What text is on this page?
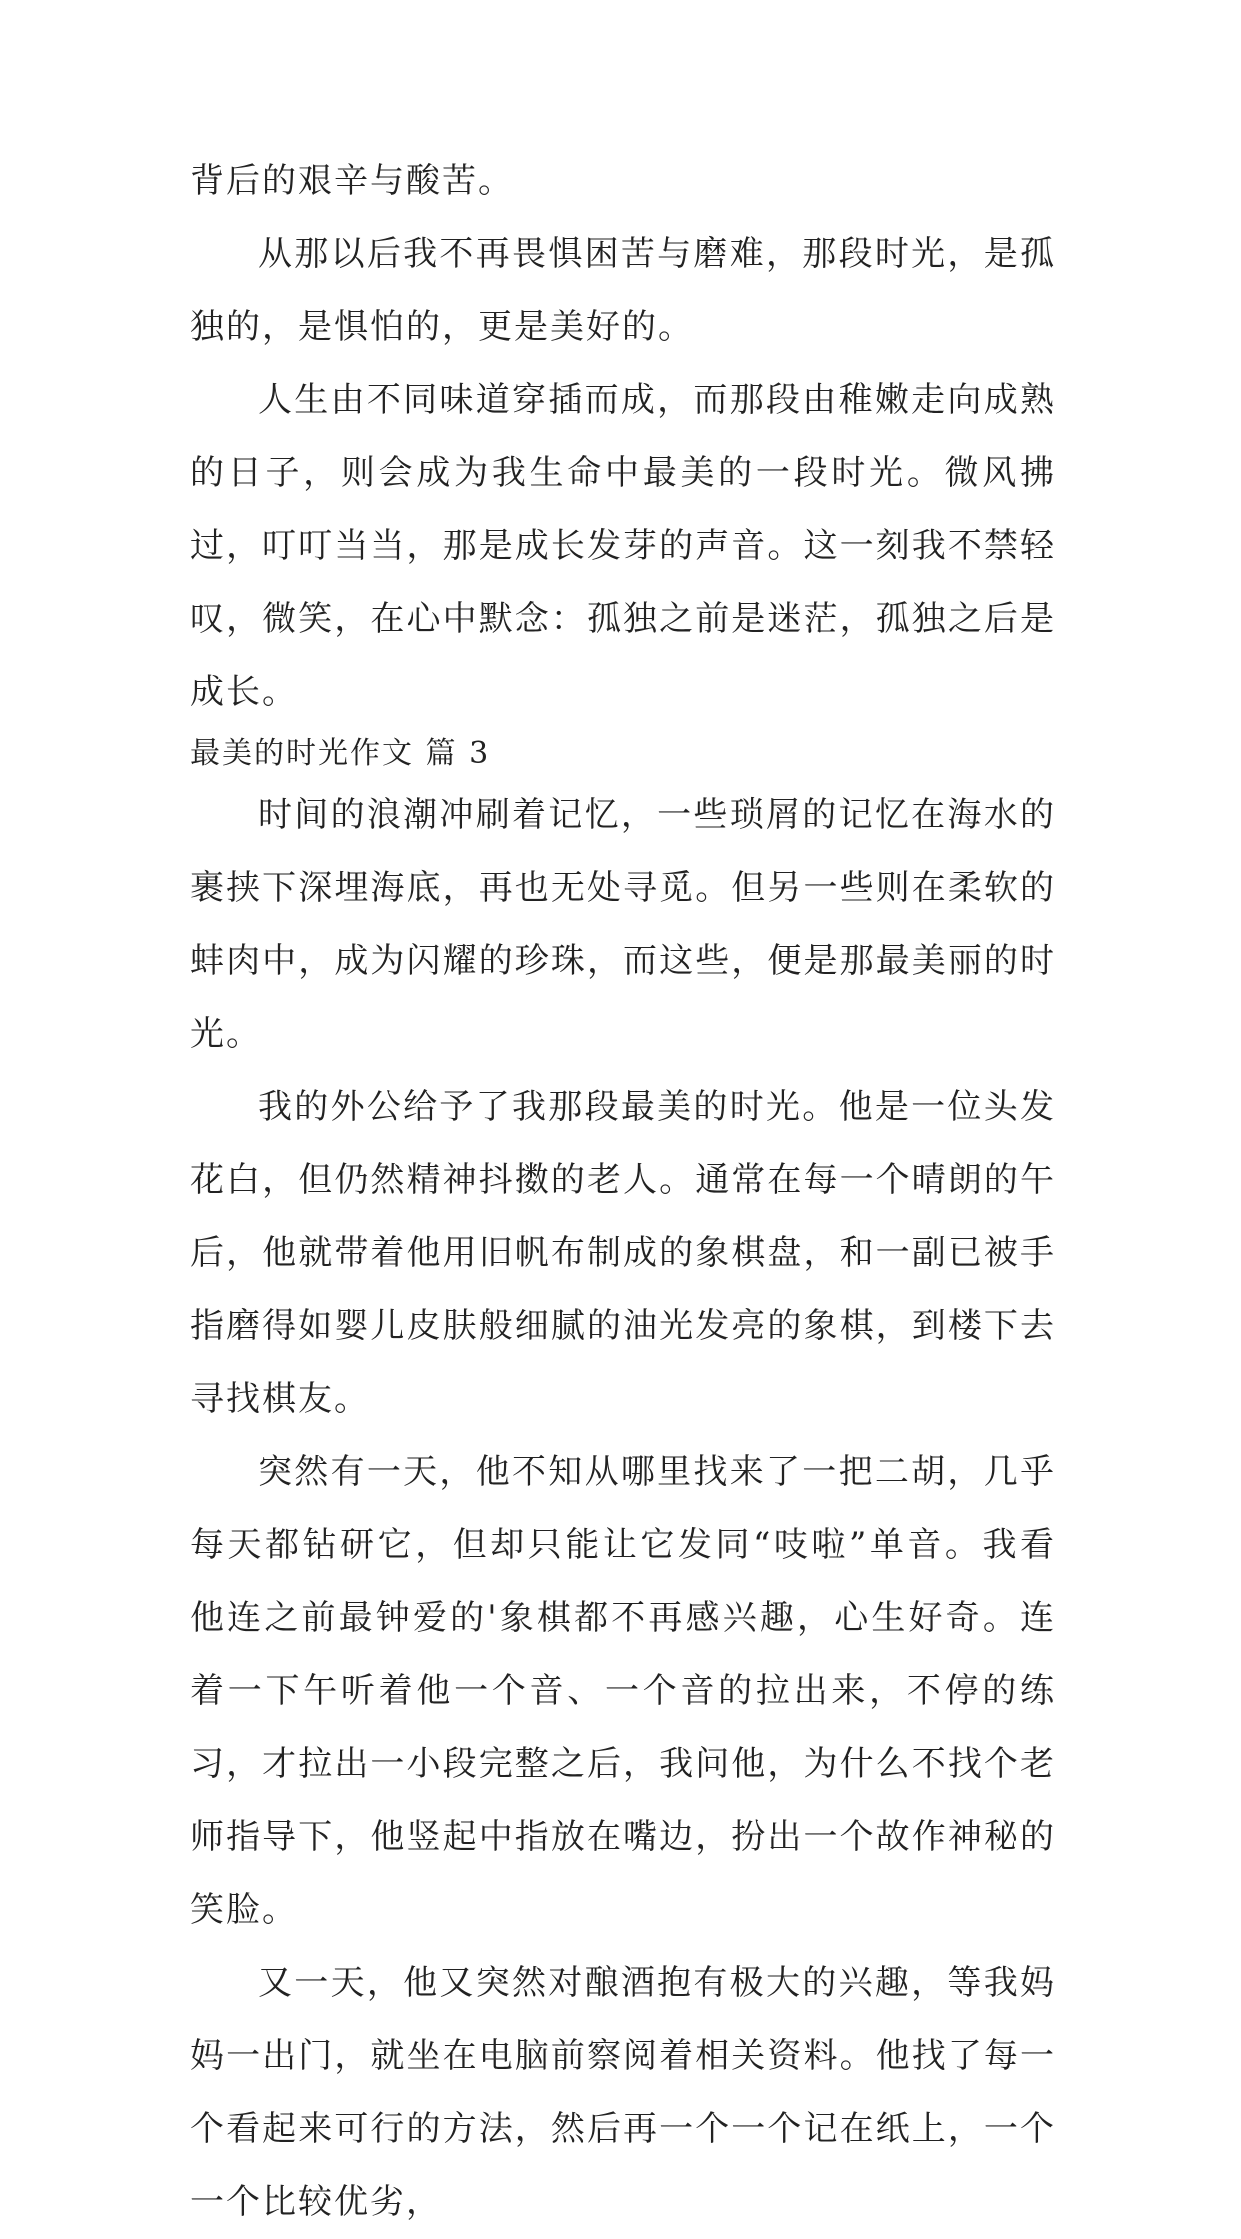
背后的艰辛与酸苦。

从那以后我不再畏惧困苦与磨难，那段时光，是孤独的，是惧怕的，更是美好的。

人生由不同味道穿插而成，而那段由稚嫩走向成熟的日子，则会成为我生命中最美的一段时光。微风拂过，叮叮当当，那是成长发芽的声音。这一刻我不禁轻叹，微笑，在心中默念：孤独之前是迷茫，孤独之后是成长。

最美的时光作文 篇 3

时间的浪潮冲刷着记忆，一些琐屑的记忆在海水的裹挟下深埋海底，再也无处寻觅。但另一些则在柔软的蚌肉中，成为闪耀的珍珠，而这些，便是那最美丽的时光。

我的外公给予了我那段最美的时光。他是一位头发花白，但仍然精神抖擞的老人。通常在每一个晴朗的午后，他就带着他用旧帆布制成的象棋盘，和一副已被手指磨得如婴儿皮肤般细腻的油光发亮的象棋，到楼下去寻找棋友。

突然有一天，他不知从哪里找来了一把二胡，几乎每天都钻研它，但却只能让它发同“吱啦”单音。我看他连之前最钟爱的'象棋都不再感兴趣，心生好奇。连着一下午听着他一个音、一个音的拉出来，不停的练习，才拉出一小段完整之后，我问他，为什么不找个老师指导下，他竖起中指放在嘴边，扮出一个故作神秘的笑脸。

又一天，他又突然对酿酒抱有极大的兴趣，等我妈妈一出门，就坐在电脑前察阅着相关资料。他找了每一个看起来可行的方法，然后再一个一个记在纸上，一个一个比较优劣，
